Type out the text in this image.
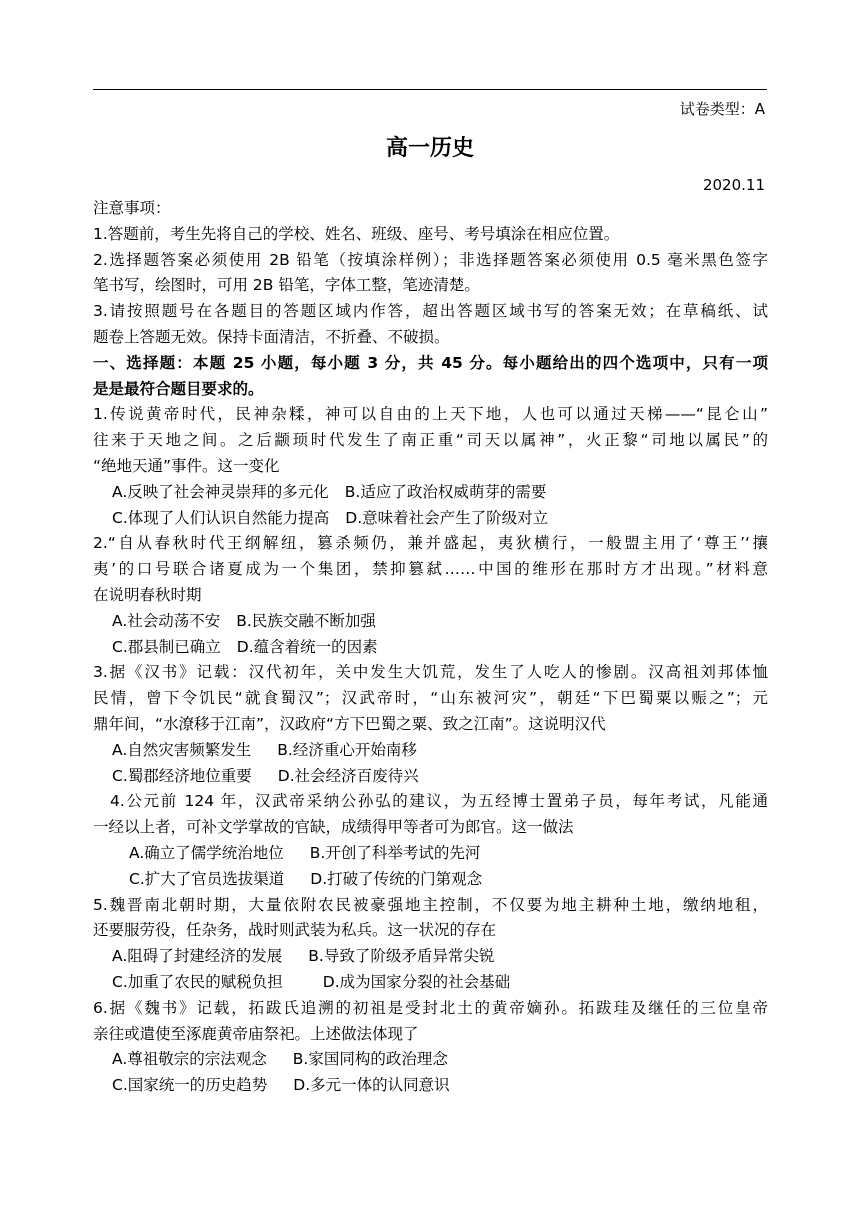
试卷类型：A
高一历史
2020.11
注意事项：
1.答题前，考生先将自己的学校、姓名、班级、座号、考号填涂在相应位置。
2.选择题答案必须使用 2B 铅笔（按填涂样例）；非选择题答案必须使用 0.5 毫米黑色签字
笔书写，绘图时，可用 2B 铅笔，字体工整，笔迹清楚。
3.请按照题号在各题目的答题区域内作答，超出答题区域书写的答案无效；在草稿纸、试
题卷上答题无效。保持卡面清洁，不折叠、不破损。
一、选择题：本题 25 小题，每小题 3 分，共 45 分。每小题给出的四个选项中，只有一项
是是最符合题目要求的。
1.传说黄帝时代，民神杂糅，神可以自由的上天下地，人也可以通过天梯——“昆仑山”
往来于天地之间。之后颛顼时代发生了南正重“司天以属神”，火正黎“司地以属民”的
“绝地天通”事件。这一变化
A.反映了社会神灵崇拜的多元化 B.适应了政治权威萌芽的需要
C.体现了人们认识自然能力提高 D.意味着社会产生了阶级对立
2.“自从春秋时代王纲解纽，篡杀频仍，兼并盛起，夷狄横行，一般盟主用了‘尊王’‘攘
夷’的口号联合诸夏成为一个集团，禁抑篡弑……中国的维形在那时方才出现。”材料意
在说明春秋时期
A.社会动荡不安 B.民族交融不断加强
C.郡县制已确立 D.蕴含着统一的因素
3.据《汉书》记载：汉代初年，关中发生大饥荒，发生了人吃人的惨剧。汉高祖刘邦体恤
民情，曾下令饥民“就食蜀汉”；汉武帝时，“山东被河灾”，朝廷“下巴蜀粟以赈之”；元
鼎年间，“水潦移于江南”，汉政府“方下巴蜀之粟、致之江南”。这说明汉代
A.自然灾害频繁发生 B.经济重心开始南移
C.蜀郡经济地位重要 D.社会经济百废待兴
4.公元前 124 年，汉武帝采纳公孙弘的建议，为五经博士置弟子员，每年考试，凡能通
一经以上者，可补文学掌故的官缺，成绩得甲等者可为郎官。这一做法
A.确立了儒学统治地位 B.开创了科举考试的先河
C.扩大了官员选拔渠道 D.打破了传统的门第观念
5.魏晋南北朝时期，大量依附农民被豪强地主控制，不仅要为地主耕种土地，缴纳地租，
还要服劳役，任杂务，战时则武装为私兵。这一状况的存在
A.阻碍了封建经济的发展 B.导致了阶级矛盾异常尖锐
C.加重了农民的赋税负担	D.成为国家分裂的社会基础
6.据《魏书》记载，拓跋氏追溯的初祖是受封北土的黄帝嫡孙。拓跋珪及继任的三位皇帝
亲往或遣使至涿鹿黄帝庙祭祀。上述做法体现了
A.尊祖敬宗的宗法观念 B.家国同构的政治理念
C.国家统一的历史趋势 D.多元一体的认同意识
